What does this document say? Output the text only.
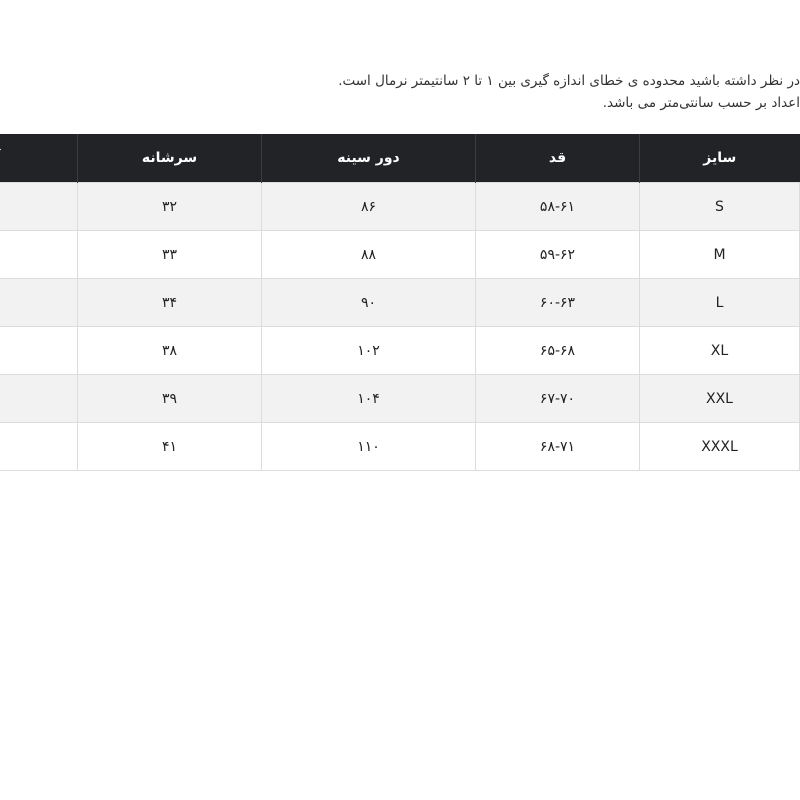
در نظر داشته باشید محدوده ی خطای اندازه گیری بین ۱ تا ۲ سانتیمتر نرمال است.

اعداد بر حسب سانتی‌متر می باشد.

سایز	قد	دور سینه	سرشانه	
S	۵۸-۶۱	۸۶	۳۲	
M	۵۹-۶۲	۸۸	۳۳	
L	۶۰-۶۳	۹۰	۳۴	
XL	۶۵-۶۸	۱۰۲	۳۸	
XXL	۶۷-۷۰	۱۰۴	۳۹	
XXXL	۶۸-۷۱	۱۱۰	۴۱	
